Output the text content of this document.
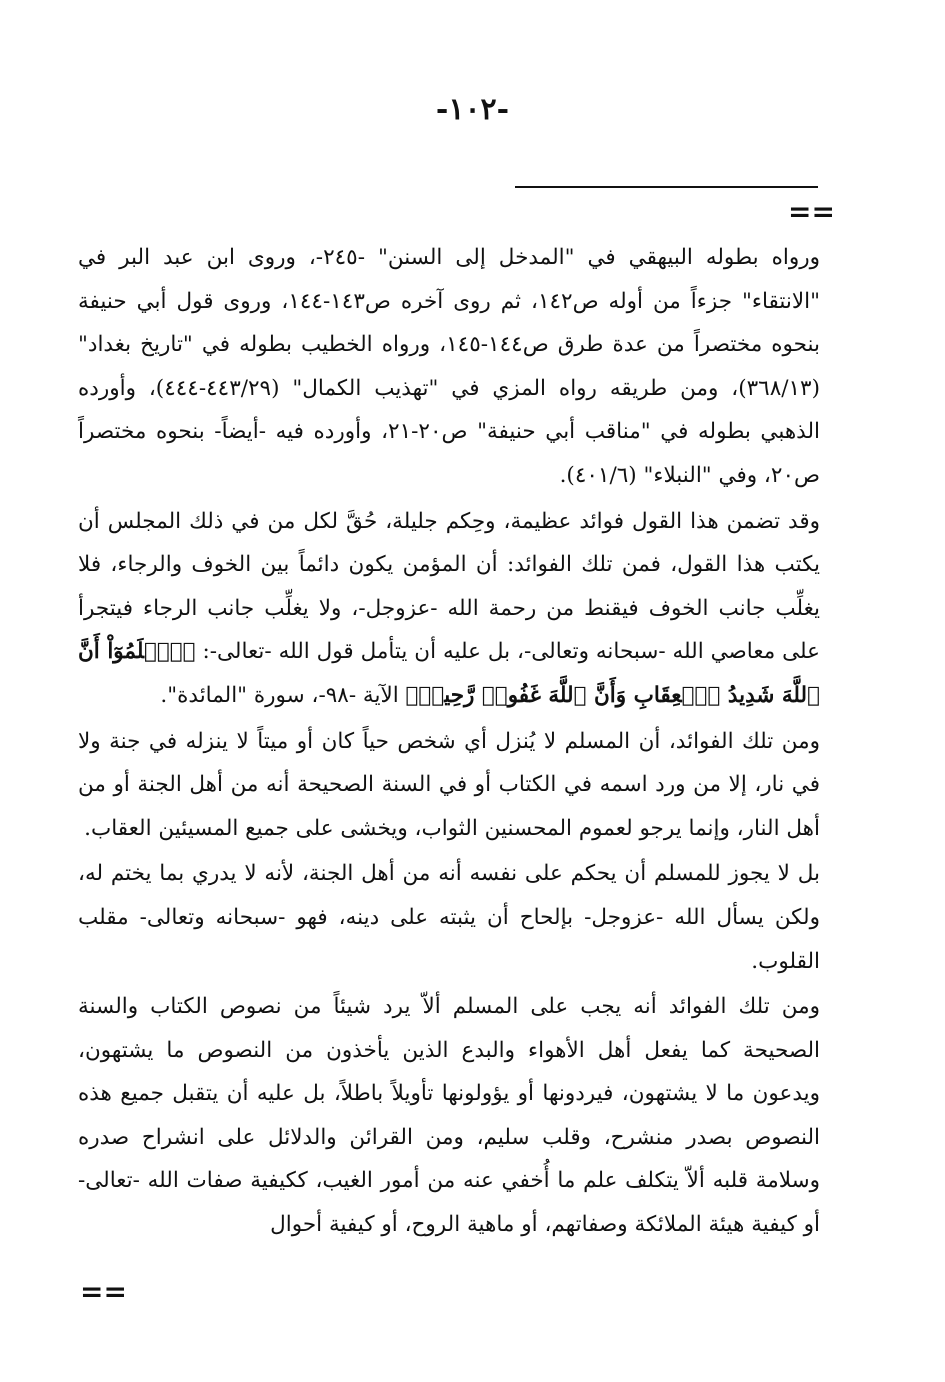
-١٠٢-
==

ورواه بطوله البيهقي في "المدخل إلى السنن" -٢٤٥-، وروى ابن عبد البر في "الانتقاء" جزءاً من أوله ص١٤٢، ثم روى آخره ص١٤٣-١٤٤، وروى قول أبي حنيفة بنحوه مختصراً من عدة طرق ص١٤٤-١٤٥، ورواه الخطيب بطوله في "تاريخ بغداد" (٣٦٨/١٣)، ومن طريقه رواه المزي في "تهذيب الكمال" (٤٤٣/٢٩-٤٤٤)، وأورده الذهبي بطوله في "مناقب أبي حنيفة" ص٢٠-٢١، وأورده فيه -أيضاً- بنحوه مختصراً ص٢٠، وفي "النبلاء" (٤٠١/٦).

وقد تضمن هذا القول فوائد عظيمة، وحِكم جليلة، حُقَّ لكل من في ذلك المجلس أن يكتب هذا القول، فمن تلك الفوائد: أن المؤمن يكون دائماً بين الخوف والرجاء، فلا يغلِّب جانب الخوف فيقنط من رحمة الله -عزوجل-، ولا يغلِّب جانب الرجاء فيتجرأ على معاصي الله -سبحانه وتعالى-، بل عليه أن يتأمل قول الله -تعالى-: ﴿ٱعۡلَمُوٓاْ أَنَّ ٱللَّهَ شَدِيدُ ٱلۡعِقَابِ وَأَنَّ ٱللَّهَ غَفُورٞ رَّحِيمٞ﴾ الآية -٩٨-، سورة "المائدة".

ومن تلك الفوائد، أن المسلم لا يُنزل أي شخص حياً كان أو ميتاً لا ينزله في جنة ولا في نار، إلا من ورد اسمه في الكتاب أو في السنة الصحيحة أنه من أهل الجنة أو من أهل النار، وإنما يرجو لعموم المحسنين الثواب، ويخشى على جميع المسيئين العقاب.

بل لا يجوز للمسلم أن يحكم على نفسه أنه من أهل الجنة، لأنه لا يدري بما يختم له، ولكن يسأل الله -عزوجل- بإلحاح أن يثبته على دينه، فهو -سبحانه وتعالى- مقلب القلوب.

ومن تلك الفوائد أنه يجب على المسلم ألاّ يرد شيئاً من نصوص الكتاب والسنة الصحيحة كما يفعل أهل الأهواء والبدع الذين يأخذون من النصوص ما يشتهون، ويدعون ما لا يشتهون، فيردونها أو يؤولونها تأويلاً باطلاً، بل عليه أن يتقبل جميع هذه النصوص بصدر منشرح، وقلب سليم، ومن القرائن والدلائل على انشراح صدره وسلامة قلبه ألاّ يتكلف علم ما أُخفي عنه من أمور الغيب، ككيفية صفات الله -تعالى- أو كيفية هيئة الملائكة وصفاتهم، أو ماهية الروح، أو كيفية أحوال

==
